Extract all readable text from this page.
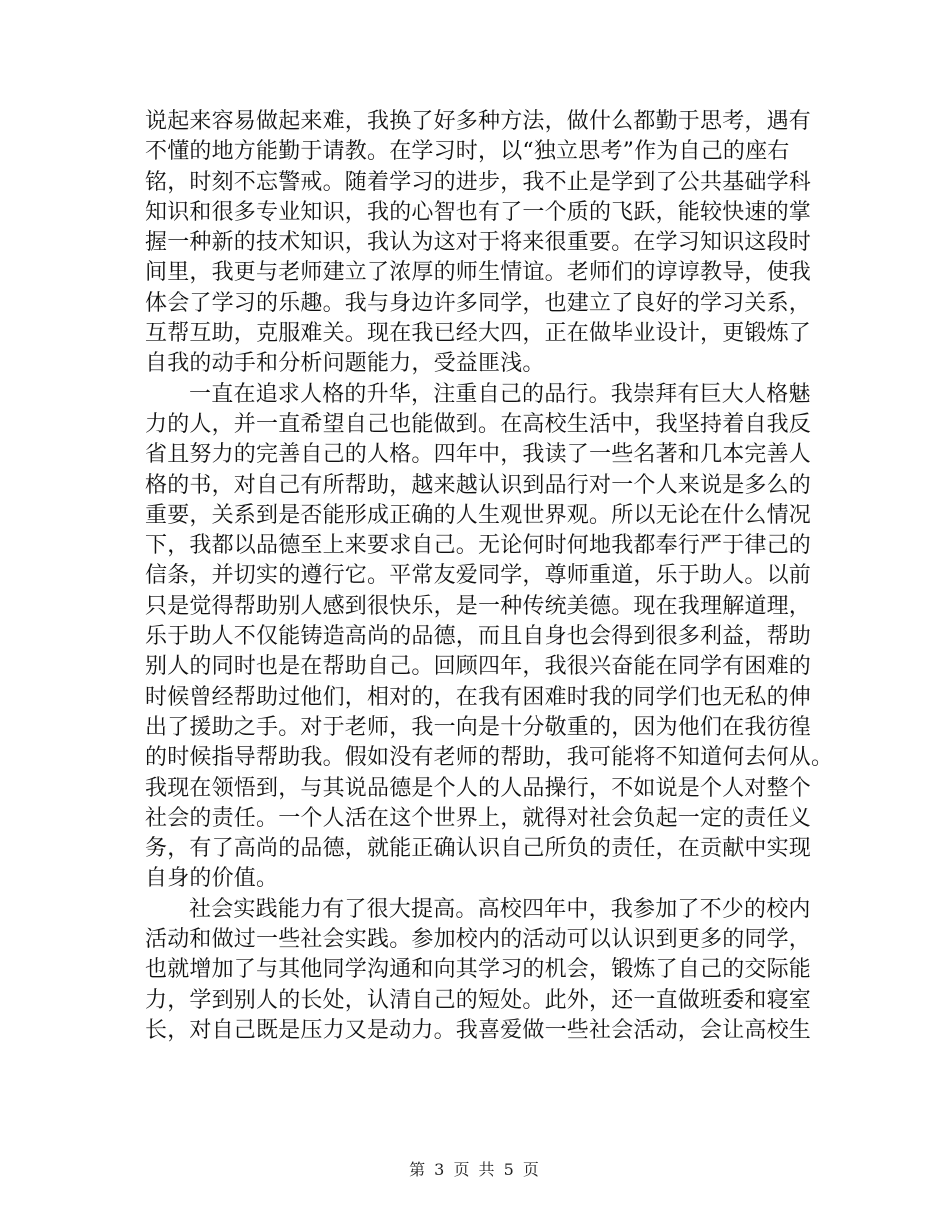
说起来容易做起来难，我换了好多种方法，做什么都勤于思考，遇有
不懂的地方能勤于请教。在学习时，以“独立思考”作为自己的座右
铭，时刻不忘警戒。随着学习的进步，我不止是学到了公共基础学科
知识和很多专业知识，我的心智也有了一个质的飞跃，能较快速的掌
握一种新的技术知识，我认为这对于将来很重要。在学习知识这段时
间里，我更与老师建立了浓厚的师生情谊。老师们的谆谆教导，使我
体会了学习的乐趣。我与身边许多同学，也建立了良好的学习关系，
互帮互助，克服难关。现在我已经大四，正在做毕业设计，更锻炼了
自我的动手和分析问题能力，受益匪浅。
一直在追求人格的升华，注重自己的品行。我崇拜有巨大人格魅
力的人，并一直希望自己也能做到。在高校生活中，我坚持着自我反
省且努力的完善自己的人格。四年中，我读了一些名著和几本完善人
格的书，对自己有所帮助，越来越认识到品行对一个人来说是多么的
重要，关系到是否能形成正确的人生观世界观。所以无论在什么情况
下，我都以品德至上来要求自己。无论何时何地我都奉行严于律己的
信条，并切实的遵行它。平常友爱同学，尊师重道，乐于助人。以前
只是觉得帮助别人感到很快乐，是一种传统美德。现在我理解道理，
乐于助人不仅能铸造高尚的品德，而且自身也会得到很多利益，帮助
别人的同时也是在帮助自己。回顾四年，我很兴奋能在同学有困难的
时候曾经帮助过他们，相对的，在我有困难时我的同学们也无私的伸
出了援助之手。对于老师，我一向是十分敬重的，因为他们在我彷徨
的时候指导帮助我。假如没有老师的帮助，我可能将不知道何去何从。
我现在领悟到，与其说品德是个人的人品操行，不如说是个人对整个
社会的责任。一个人活在这个世界上，就得对社会负起一定的责任义
务，有了高尚的品德，就能正确认识自己所负的责任，在贡献中实现
自身的价值。
社会实践能力有了很大提高。高校四年中，我参加了不少的校内
活动和做过一些社会实践。参加校内的活动可以认识到更多的同学，
也就增加了与其他同学沟通和向其学习的机会，锻炼了自己的交际能
力，学到别人的长处，认清自己的短处。此外，还一直做班委和寝室
长，对自己既是压力又是动力。我喜爱做一些社会活动，会让高校生
第 3 页 共 5 页
